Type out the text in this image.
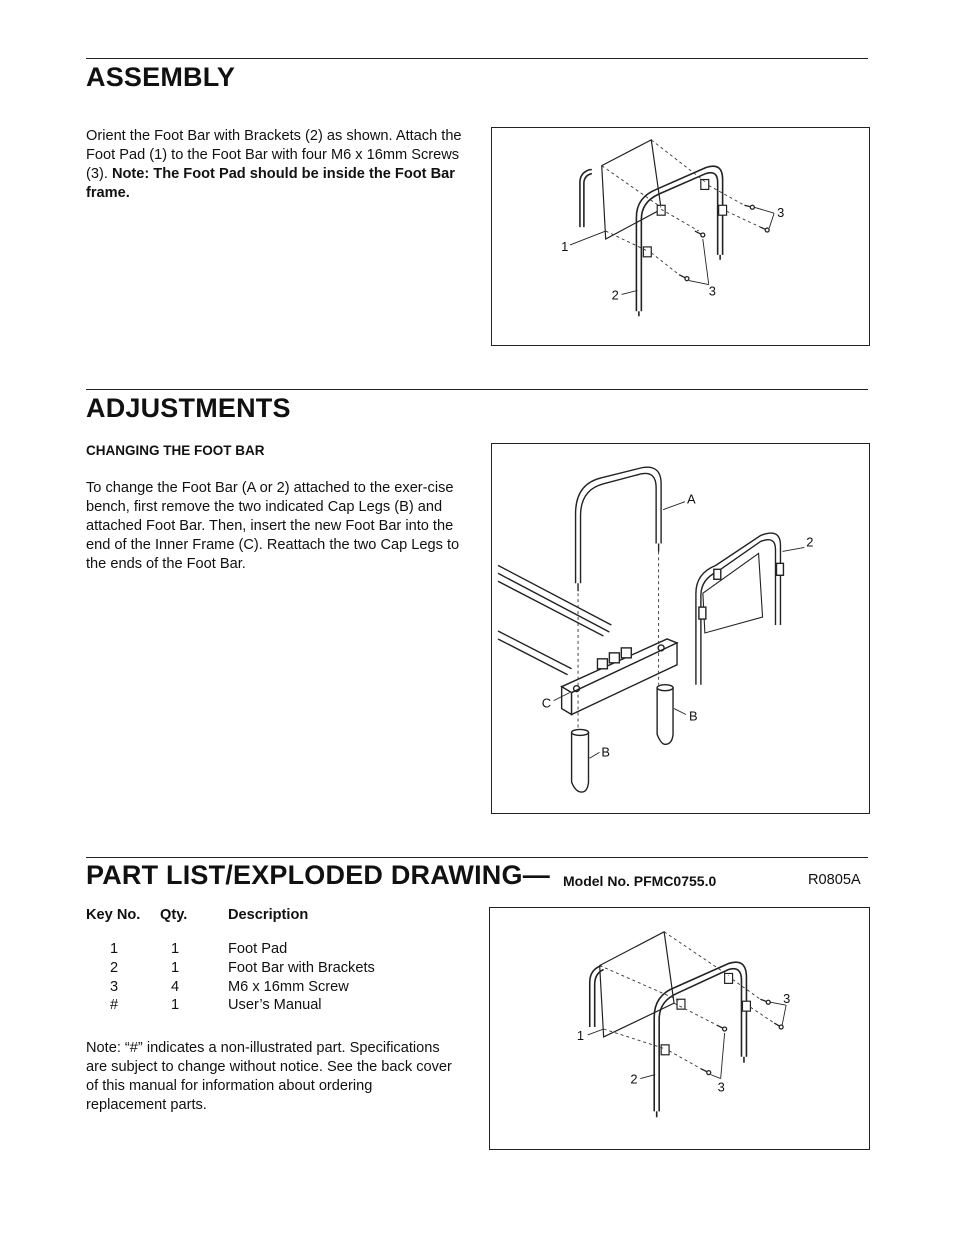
ASSEMBLY

Orient the Foot Bar with Brackets (2) as shown. Attach the Foot Pad (1) to the Foot Bar with four M6 x 16mm Screws (3). Note: The Foot Pad should be inside the Foot Bar frame.

1
2
3
3
ADJUSTMENTS

CHANGING THE FOOT BAR

To change the Foot Bar (A or 2) attached to the exer-cise bench, first remove the two indicated Cap Legs (B) and attached Foot Bar. Then, insert the new Foot Bar into the end of the Inner Frame (C). Reattach the two Cap Legs to the ends of the Foot Bar.

A
2
C
B
B
PART LIST/EXPLODED DRAWING— Model No. PFMC0755.0	R0805A
Key No. Qty.	Description
1	1	Foot Pad
2	1	Foot Bar with Brackets
3	4	M6 x 16mm Screw
#	1	User’s Manual

Note: “#” indicates a non-illustrated part. Specifications are subject to change without notice. See the back cover of this manual for information about ordering replacement parts.

1
2
3
3
